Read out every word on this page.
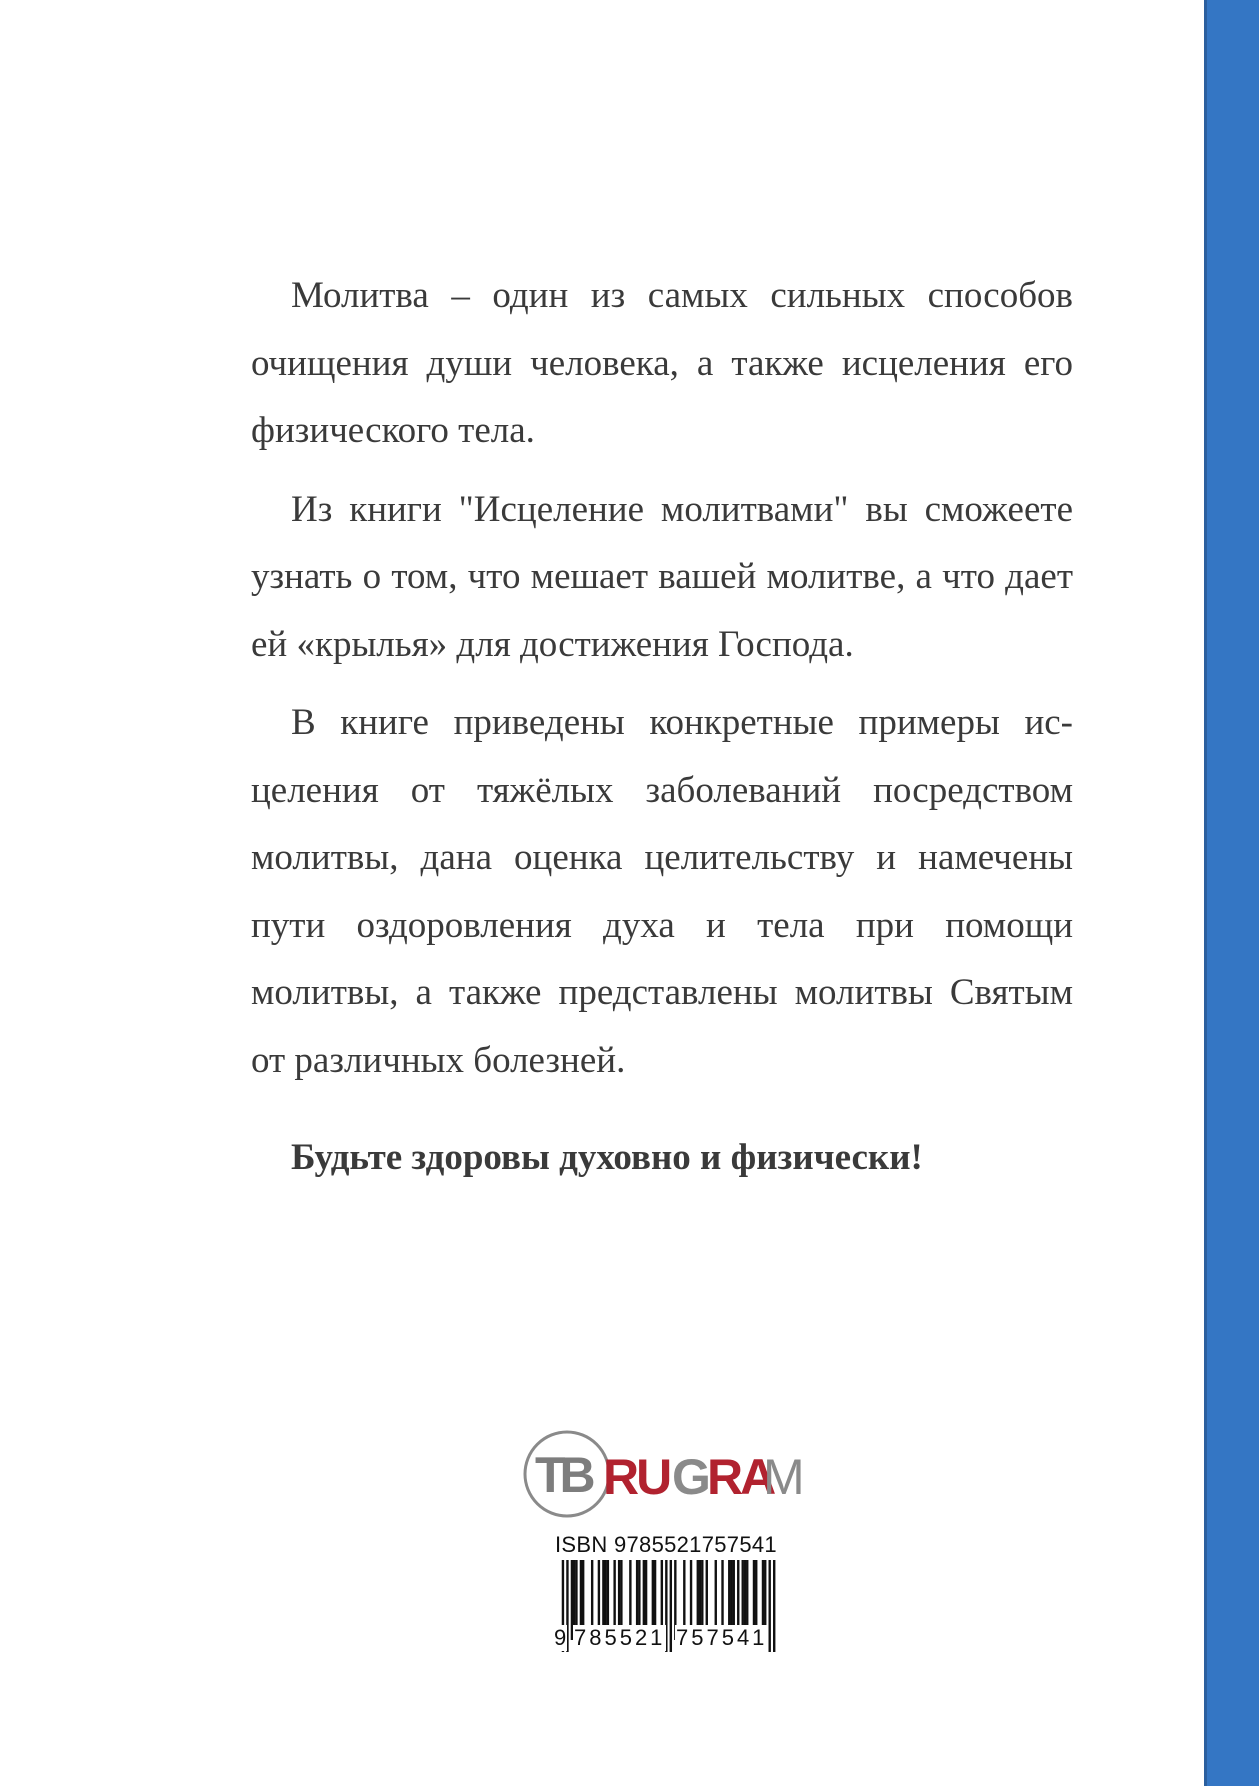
Молитва – один из самых сильных способов очищения души человека, а также исцеления его физического тела.

Из книги "Исцеление молитвами" вы сможeете узнать о том, что мешает вашей молитве, а что дает ей «крылья» для достижения Господа.

В книге приведены конкретные примеры исцеления от тяжёлых заболеваний посредством молитвы, дана оценка целительству и намечены пути оздоровления духа и тела при помощи молитвы, а также представлены молитвы Святым от различных болезней.

Будьте здоровы духовно и физически!

ТВ RU G
RA
M

ISBN 9785521757541

9 785521 757541
